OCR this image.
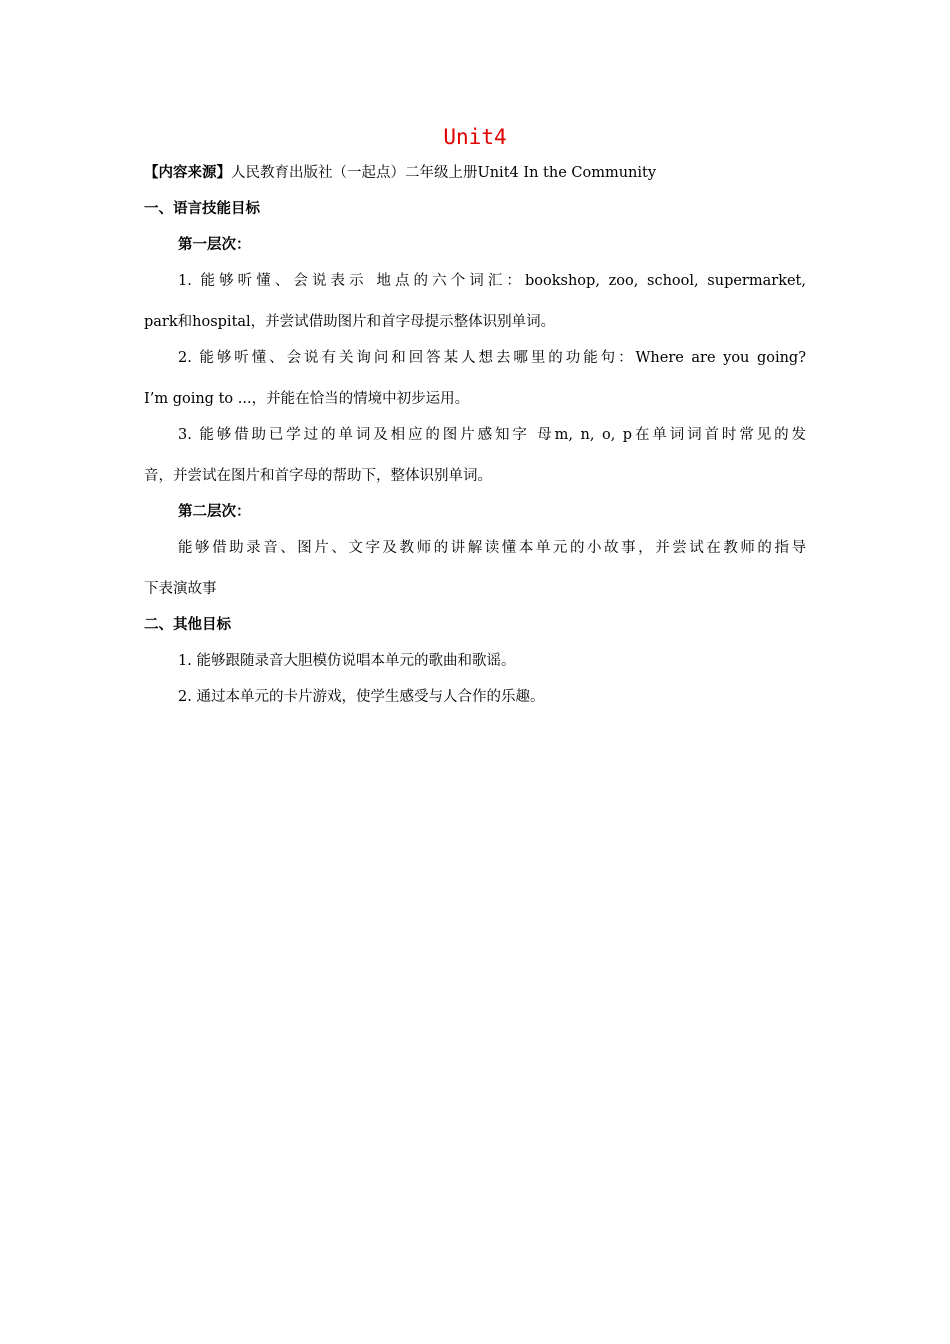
Unit4
【内容来源】人民教育出版社（一起点）二年级上册Unit4 In the Community
一、语言技能目标
第一层次：
1. 能够听懂、会说表示 地点的六个词汇：bookshop, zoo, school, supermarket,
park和hospital，并尝试借助图片和首字母提示整体识别单词。
2. 能够听懂、会说有关询问和回答某人想去哪里的功能句：Where are you going?
I’m going to ...，并能在恰当的情境中初步运用。
3. 能够借助已学过的单词及相应的图片感知字 母m, n, o, p在单词词首时常见的发
音，并尝试在图片和首字母的帮助下，整体识别单词。
第二层次：
能够借助录音、图片、文字及教师的讲解读懂本单元的小故事，并尝试在教师的指导
下表演故事
二、其他目标
1. 能够跟随录音大胆模仿说唱本单元的歌曲和歌谣。
2. 通过本单元的卡片游戏，使学生感受与人合作的乐趣。
